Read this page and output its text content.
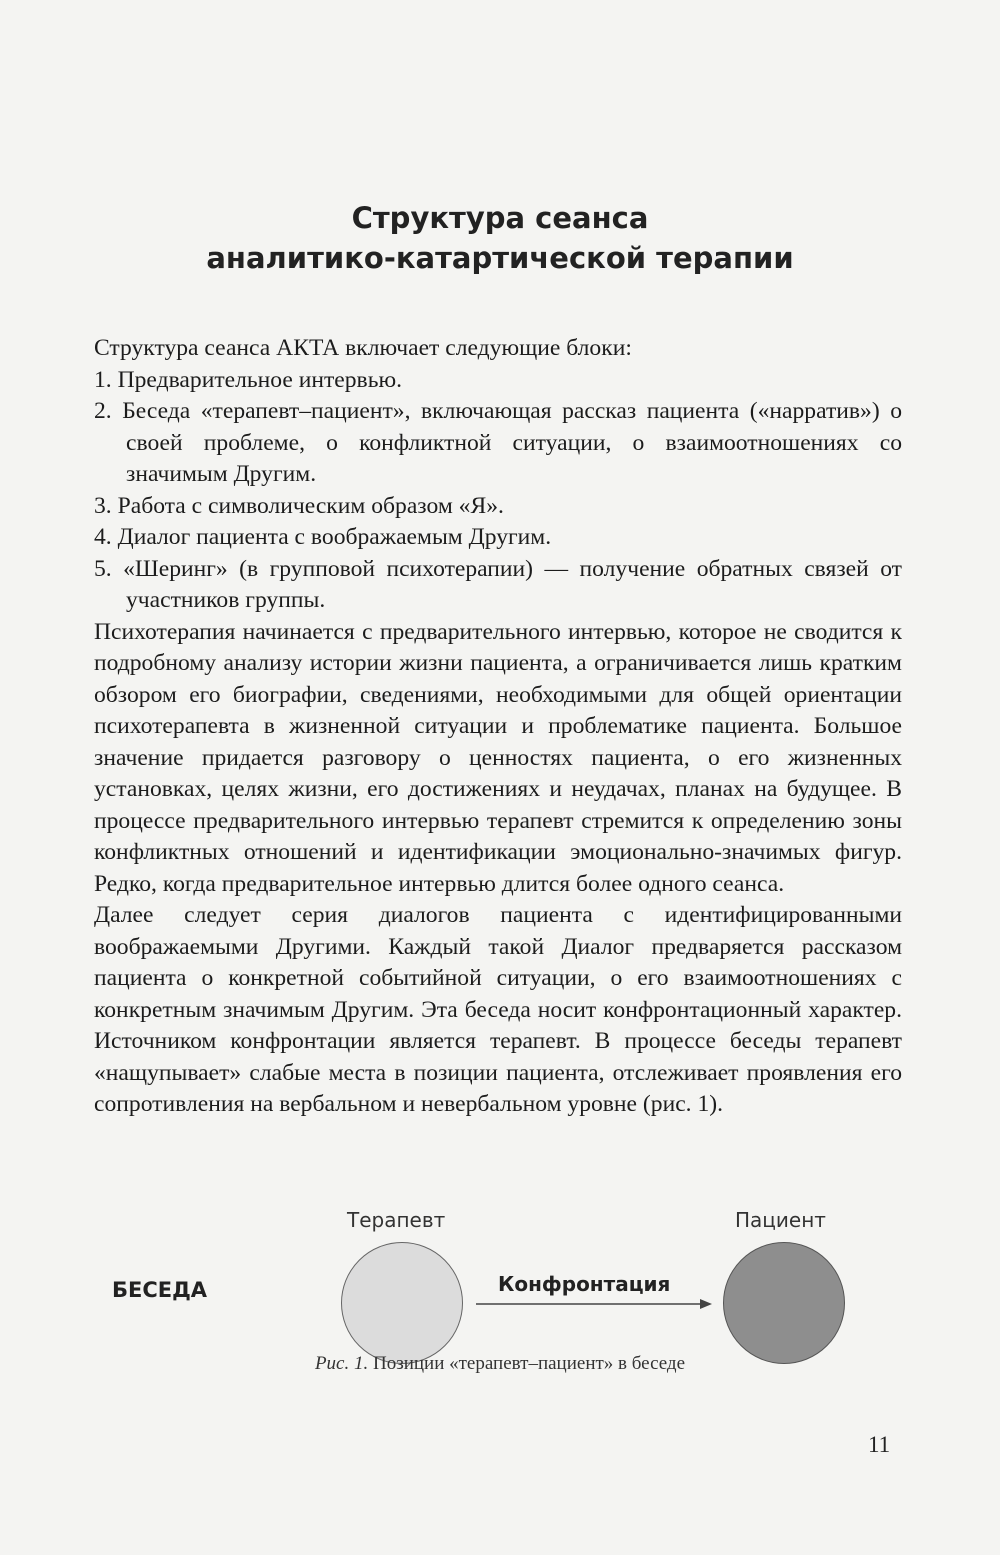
Структура сеанса
аналитико-катартической терапии

Структура сеанса АКТА включает следующие блоки:

1. Предварительное интервью.
2. Беседа «терапевт–пациент», включающая рассказ пациента («нарратив») о своей проблеме, о конфликтной ситуации, о взаимоотношениях со значимым Другим.
3. Работа с символическим образом «Я».
4. Диалог пациента с воображаемым Другим.
5. «Шеринг» (в групповой психотерапии) — получение обратных связей от участников группы.

Психотерапия начинается с предварительного интервью, которое не сводится к подробному анализу истории жизни пациента, а ограничивается лишь кратким обзором его биографии, сведениями, необходимыми для общей ориентации психотерапевта в жизненной ситуации и проблематике пациента. Большое значение придается разговору о ценностях пациента, о его жизненных установках, целях жизни, его достижениях и неудачах, планах на будущее. В процессе предварительного интервью терапевт стремится к определению зоны конфликтных отношений и идентификации эмоционально-значимых фигур. Редко, когда предварительное интервью длится более одного сеанса.

Далее следует серия диалогов пациента с идентифицированными воображаемыми Другими. Каждый такой Диалог предваряется рассказом пациента о конкретной событийной ситуации, о его взаимоотношениях с конкретным значимым Другим. Эта беседа носит конфронтационный характер. Источником конфронтации является терапевт. В процессе беседы терапевт «нащупывает» слабые места в позиции пациента, отслеживает проявления его сопротивления на вербальном и невербальном уровне (рис. 1).

БЕСЕДА
Терапевт	Пациент
Конфронтация
Рис. 1. Позиции «терапевт–пациент» в беседе
11
